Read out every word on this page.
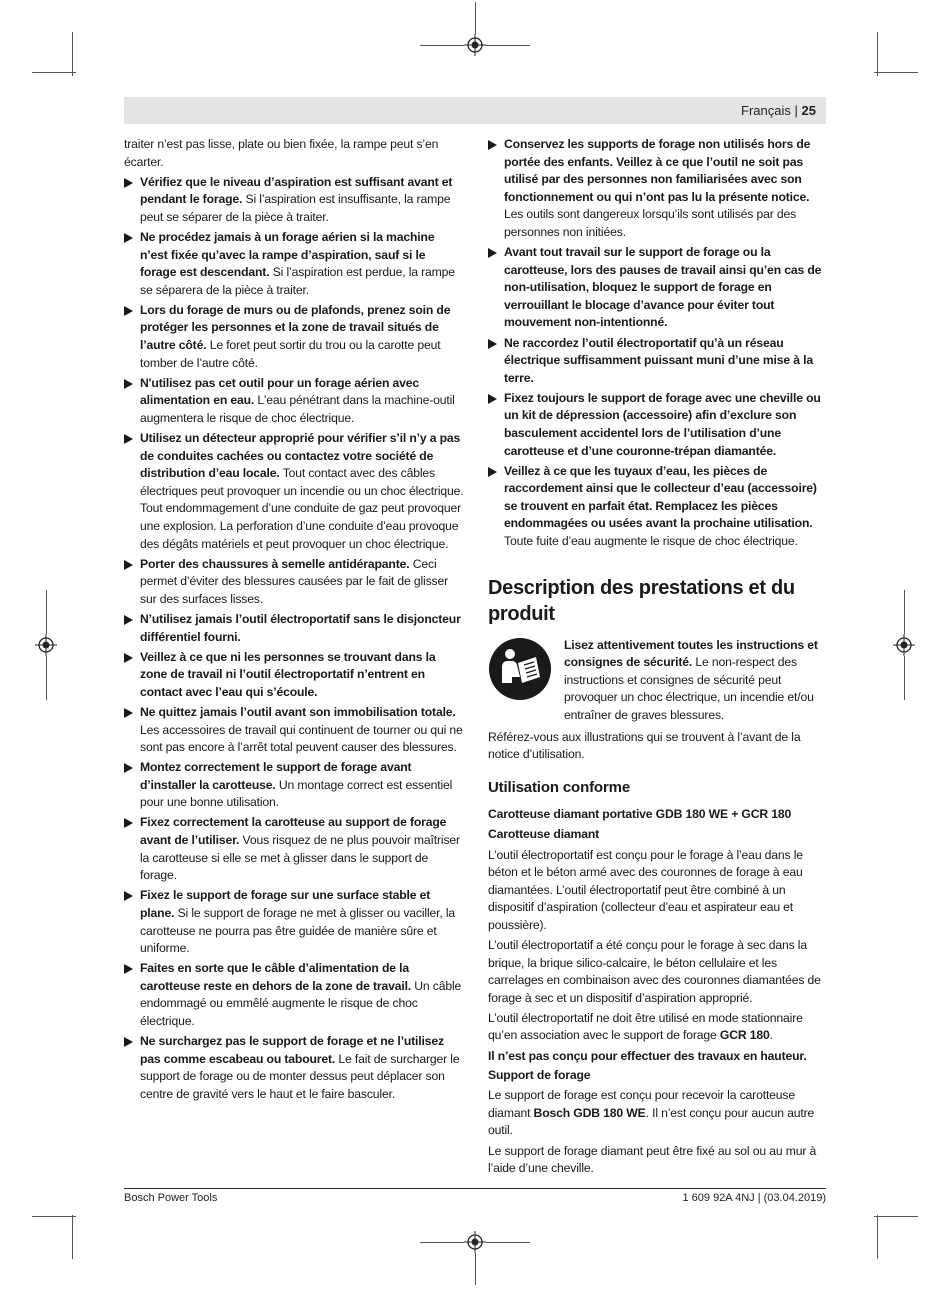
Français | 25

traiter n’est pas lisse, plate ou bien fixée, la rampe peut s’en écarter.

Vérifiez que le niveau d’aspiration est suffisant avant et pendant le forage. Si l’aspiration est insuffisante, la rampe peut se séparer de la pièce à traiter.
Ne procédez jamais à un forage aérien si la machine n’est fixée qu’avec la rampe d’aspiration, sauf si le forage est descendant. Si l’aspiration est perdue, la rampe se séparera de la pièce à traiter.
Lors du forage de murs ou de plafonds, prenez soin de protéger les personnes et la zone de travail situés de l’autre côté. Le foret peut sortir du trou ou la carotte peut tomber de l’autre côté.
N'utilisez pas cet outil pour un forage aérien avec alimentation en eau. L'eau pénétrant dans la machine-outil augmentera le risque de choc électrique.
Utilisez un détecteur approprié pour vérifier s’il n’y a pas de conduites cachées ou contactez votre société de distribution d’eau locale. Tout contact avec des câbles électriques peut provoquer un incendie ou un choc électrique. Tout endommagement d’une conduite de gaz peut provoquer une explosion. La perforation d’une conduite d’eau provoque des dégâts matériels et peut provoquer un choc électrique.
Porter des chaussures à semelle antidérapante. Ceci permet d’éviter des blessures causées par le fait de glisser sur des surfaces lisses.
N’utilisez jamais l’outil électroportatif sans le disjoncteur différentiel fourni.
Veillez à ce que ni les personnes se trouvant dans la zone de travail ni l’outil électroportatif n’entrent en contact avec l’eau qui s’écoule.
Ne quittez jamais l’outil avant son immobilisation totale. Les accessoires de travail qui continuent de tourner ou qui ne sont pas encore à l’arrêt total peuvent causer des blessures.
Montez correctement le support de forage avant d’installer la carotteuse. Un montage correct est essentiel pour une bonne utilisation.
Fixez correctement la carotteuse au support de forage avant de l’utiliser. Vous risquez de ne plus pouvoir maîtriser la carotteuse si elle se met à glisser dans le support de forage.
Fixez le support de forage sur une surface stable et plane. Si le support de forage ne met à glisser ou vaciller, la carotteuse ne pourra pas être guidée de manière sûre et uniforme.
Faites en sorte que le câble d’alimentation de la carotteuse reste en dehors de la zone de travail. Un câble endommagé ou emmêlé augmente le risque de choc électrique.
Ne surchargez pas le support de forage et ne l’utilisez pas comme escabeau ou tabouret. Le fait de surcharger le support de forage ou de monter dessus peut déplacer son centre de gravité vers le haut et le faire basculer.
Conservez les supports de forage non utilisés hors de portée des enfants. Veillez à ce que l’outil ne soit pas utilisé par des personnes non familiarisées avec son fonctionnement ou qui n’ont pas lu la présente notice. Les outils sont dangereux lorsqu’ils sont utilisés par des personnes non initiées.
Avant tout travail sur le support de forage ou la carotteuse, lors des pauses de travail ainsi qu’en cas de non-utilisation, bloquez le support de forage en verrouillant le blocage d’avance pour éviter tout mouvement non-intentionné.
Ne raccordez l’outil électroportatif qu’à un réseau électrique suffisamment puissant muni d’une mise à la terre.
Fixez toujours le support de forage avec une cheville ou un kit de dépression (accessoire) afin d’exclure son basculement accidentel lors de l’utilisation d’une carotteuse et d’une couronne-trépan diamantée.
Veillez à ce que les tuyaux d’eau, les pièces de raccordement ainsi que le collecteur d’eau (accessoire) se trouvent en parfait état. Remplacez les pièces endommagées ou usées avant la prochaine utilisation. Toute fuite d’eau augmente le risque de choc électrique.
Description des prestations et du produit
Lisez attentivement toutes les instructions et consignes de sécurité. Le non-respect des instructions et consignes de sécurité peut provoquer un choc électrique, un incendie et/ou entraîner de graves blessures.

Référez-vous aux illustrations qui se trouvent à l’avant de la notice d’utilisation.

Utilisation conforme

Carotteuse diamant portative GDB 180 WE + GCR 180

Carotteuse diamant

L’outil électroportatif est conçu pour le forage à l’eau dans le béton et le béton armé avec des couronnes de forage à eau diamantées. L’outil électroportatif peut être combiné à un dispositif d’aspiration (collecteur d’eau et aspirateur eau et poussière).

L’outil électroportatif a été conçu pour le forage à sec dans la brique, la brique silico-calcaire, le béton cellulaire et les carrelages en combinaison avec des couronnes diamantées de forage à sec et un dispositif d’aspiration approprié.

L’outil électroportatif ne doit être utilisé en mode stationnaire qu’en association avec le support de forage GCR 180.

Il n’est pas conçu pour effectuer des travaux en hauteur.

Support de forage

Le support de forage est conçu pour recevoir la carotteuse diamant Bosch GDB 180 WE. Il n’est conçu pour aucun autre outil.

Le support de forage diamant peut être fixé au sol ou au mur à l’aide d’une cheville.

Bosch Power Tools	1 609 92A 4NJ | (03.04.2019)
